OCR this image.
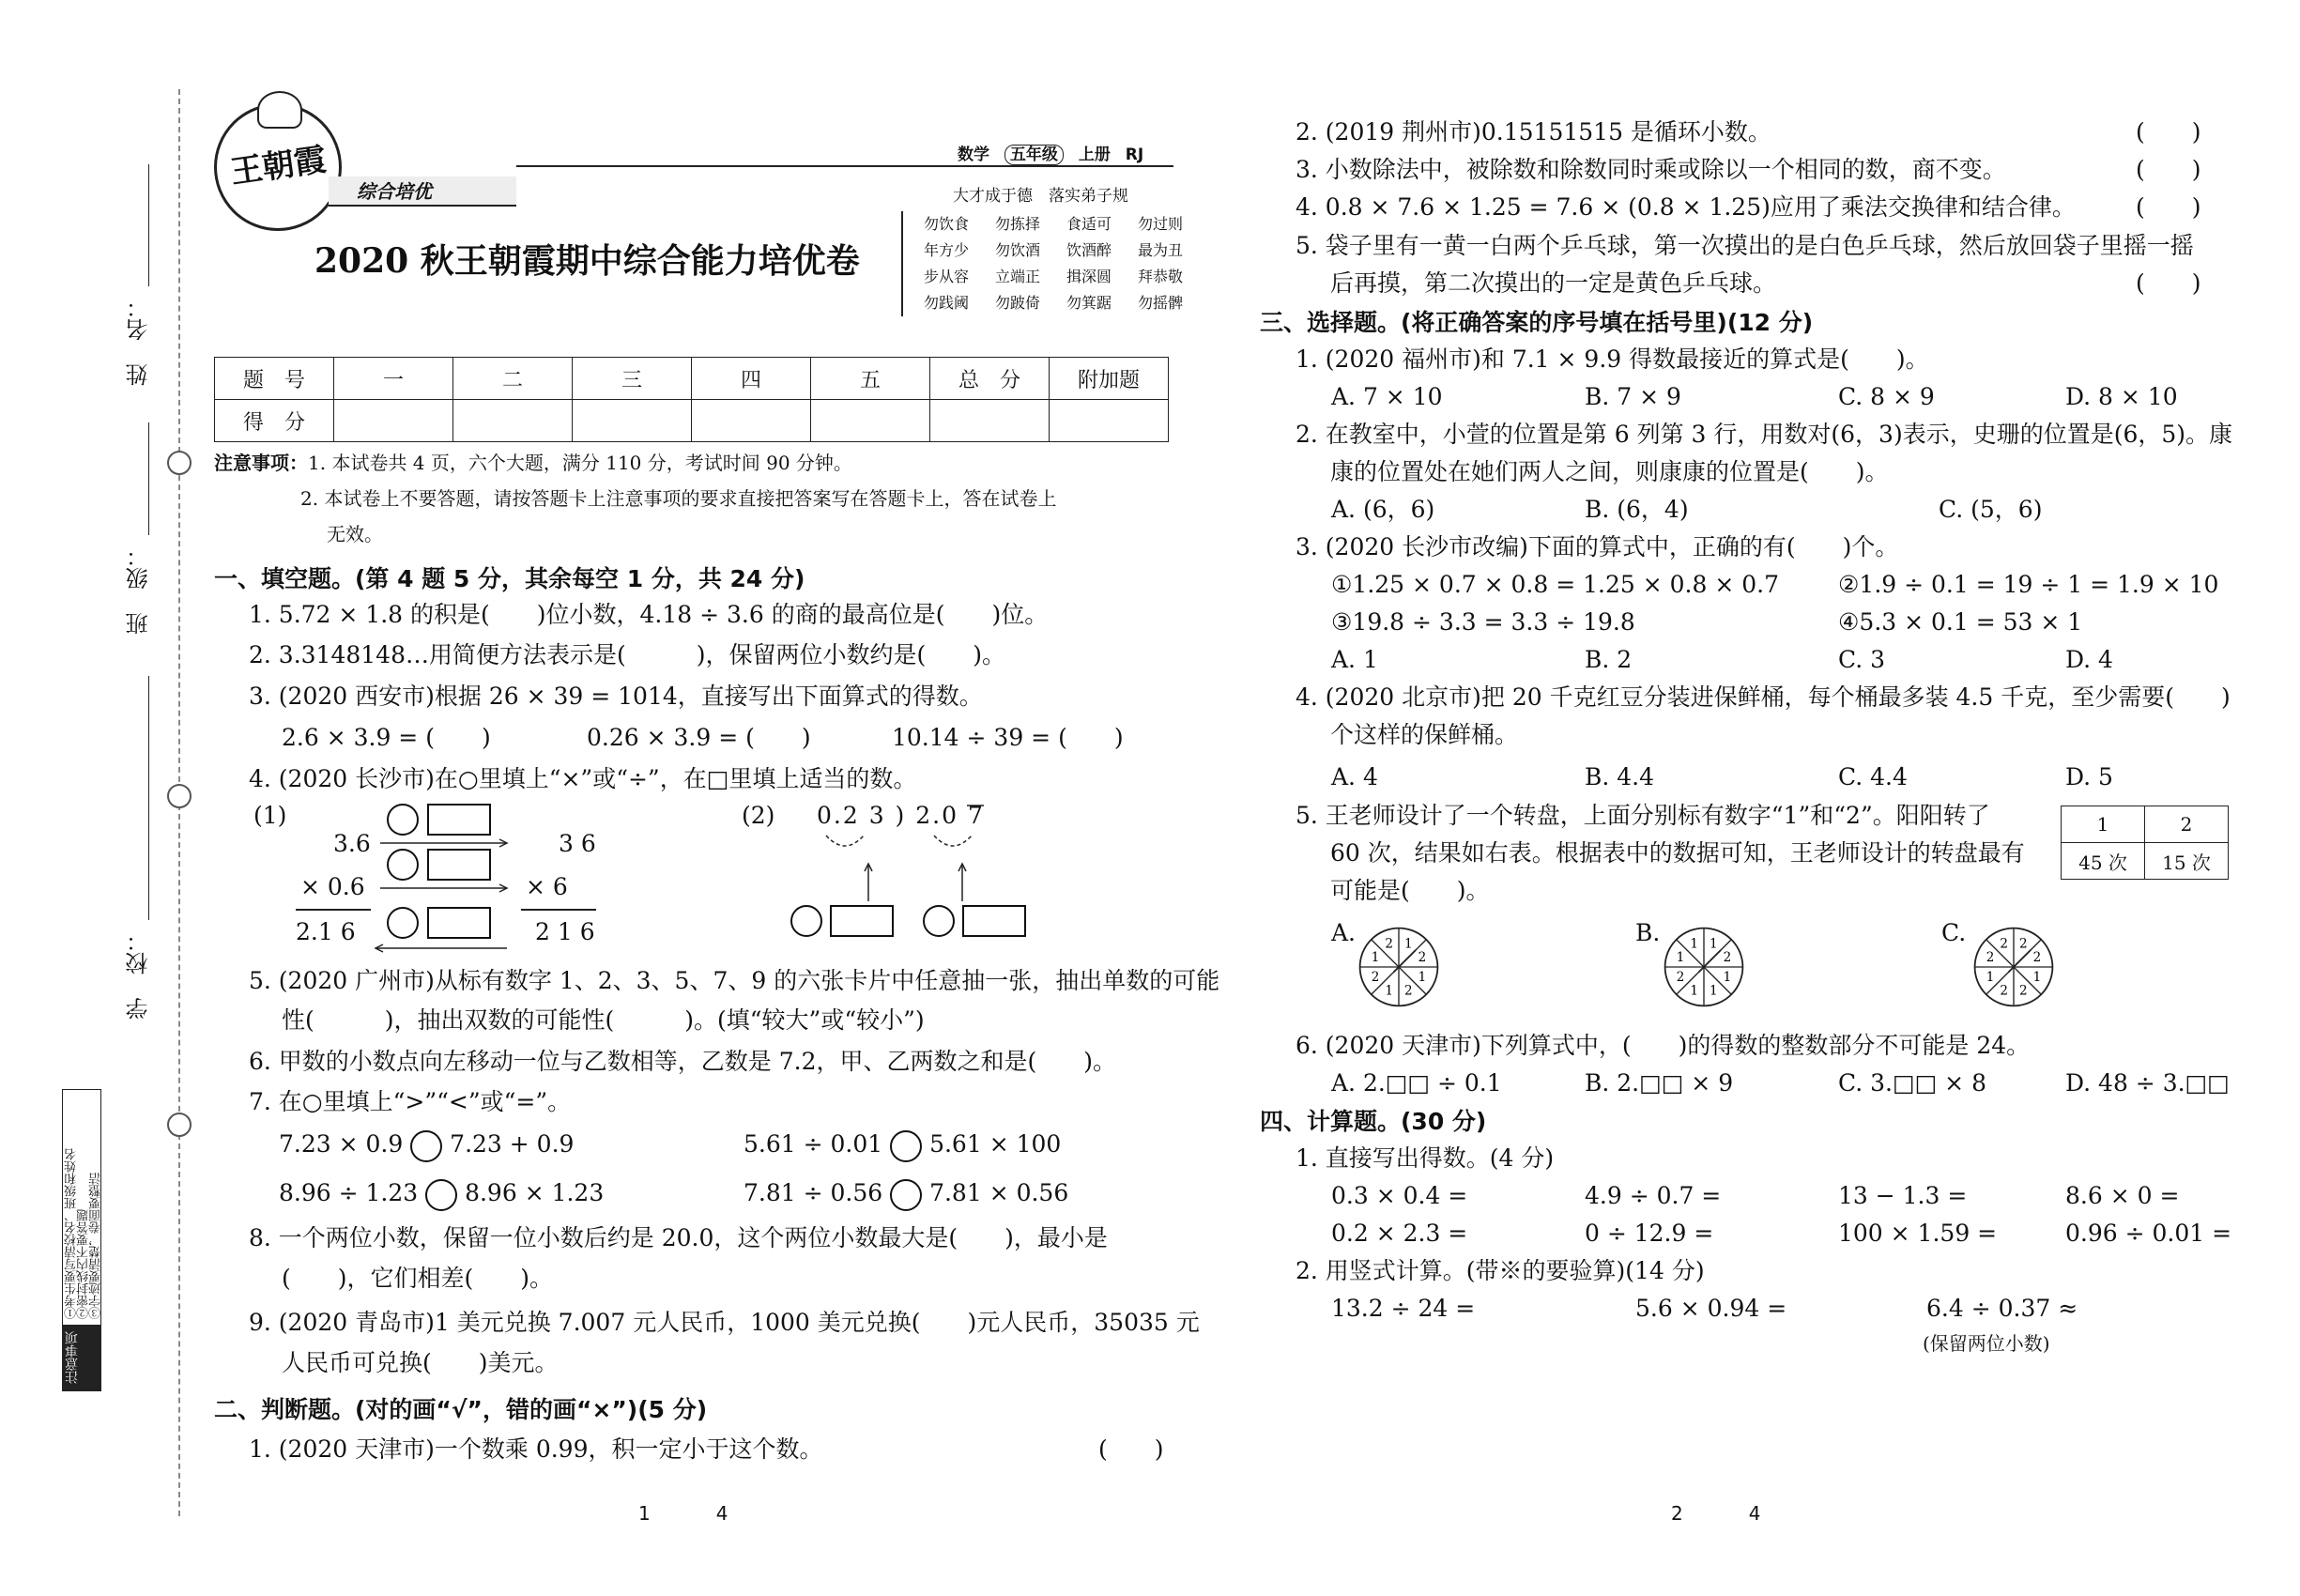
姓　名：
班　级：
学　校：
注意事项
①考生要写清校名、班级和姓名
②密封线内不要答题
③字迹要清楚，卷面要整洁
王朝霞
综合培优
数学 五年级 上册 RJ
大才成于德　落实弟子规
勿饮食	勿拣择	食适可	勿过则
年方少	勿饮酒	饮酒醉	最为丑
步从容	立端正	揖深圆	拜恭敬
勿践阈	勿跛倚	勿箕踞	勿摇髀
2020 秋王朝霞期中综合能力培优卷
题　号	一	二	三	四	五	总　分	附加题
得　分							
注意事项：1. 本试卷共 4 页，六个大题，满分 110 分，考试时间 90 分钟。
2. 本试卷上不要答题，请按答题卡上注意事项的要求直接把答案写在答题卡上，答在试卷上
无效。
一、填空题。(第 4 题 5 分，其余每空 1 分，共 24 分)
1. 5.72 × 1.8 的积是(　　)位小数，4.18 ÷ 3.6 的商的最高位是(　　)位。
2. 3.3148148…用简便方法表示是(　　　)，保留两位小数约是(　　)。
3. (2020 西安市)根据 26 × 39 = 1014，直接写出下面算式的得数。
2.6 × 3.9 = (　　)	0.26 × 3.9 = (　　)	10.14 ÷ 39 = (　　)
4. (2020 长沙市)在○里填上“×”或“÷”，在□里填上适当的数。
(1)
3.6
× 0.6
2.1 6
3 6
× 6
2 1 6
(2) 0.2 3 ) 2.0 7
5. (2020 广州市)从标有数字 1、2、3、5、7、9 的六张卡片中任意抽一张，抽出单数的可能
性(　　　)，抽出双数的可能性(　　　)。(填“较大”或“较小”)
6. 甲数的小数点向左移动一位与乙数相等，乙数是 7.2，甲、乙两数之和是(　　)。
7. 在○里填上“>”“<”或“=”。
7.23 × 0.9 7.23 + 0.9	5.61 ÷ 0.01 5.61 × 100
8.96 ÷ 1.23 8.96 × 1.23	7.81 ÷ 0.56 7.81 × 0.56
8. 一个两位小数，保留一位小数后约是 20.0，这个两位小数最大是(　　)，最小是
(　　)，它们相差(　　)。
9. (2020 青岛市)1 美元兑换 7.007 元人民币，1000 美元兑换(　　)元人民币，35035 元
人民币可兑换(　　)美元。
二、判断题。(对的画“√”，错的画“×”)(5 分)
1. (2020 天津市)一个数乘 0.99，积一定小于这个数。	(　　)
2. (2019 荆州市)0.15151515 是循环小数。	(　　)
3. 小数除法中，被除数和除数同时乘或除以一个相同的数，商不变。	(　　)
4. 0.8 × 7.6 × 1.25 = 7.6 × (0.8 × 1.25)应用了乘法交换律和结合律。	(　　)
5. 袋子里有一黄一白两个乒乓球，第一次摸出的是白色乒乓球，然后放回袋子里摇一摇
后再摸，第二次摸出的一定是黄色乒乓球。	(　　)
三、选择题。(将正确答案的序号填在括号里)(12 分)
1. (2020 福州市)和 7.1 × 9.9 得数最接近的算式是(　　)。
A. 7 × 10	B. 7 × 9	C. 8 × 9	D. 8 × 10
2. 在教室中，小萱的位置是第 6 列第 3 行，用数对(6，3)表示，史珊的位置是(6，5)。康
康的位置处在她们两人之间，则康康的位置是(　　)。
A. (6，6)	B. (6，4)	C. (5，6)
3. (2020 长沙市改编)下面的算式中，正确的有(　　)个。
①1.25 × 0.7 × 0.8 = 1.25 × 0.8 × 0.7	②1.9 ÷ 0.1 = 19 ÷ 1 = 1.9 × 10
③19.8 ÷ 3.3 = 3.3 ÷ 19.8	④5.3 × 0.1 = 53 × 1
A. 1	B. 2	C. 3	D. 4
4. (2020 北京市)把 20 千克红豆分装进保鲜桶，每个桶最多装 4.5 千克，至少需要(　　)
个这样的保鲜桶。
A. 4	B. 4.4	C. 4.4̇	D. 5
5. 王老师设计了一个转盘，上面分别标有数字“1”和“2”。阳阳转了
60 次，结果如右表。根据表中的数据可知，王老师设计的转盘最有
可能是(　　)。
1	2
45 次	15 次
A.	1
2
1
2
1
2
1
2	B.	1
2
1
1
1
2
1
1	C.	2
2
1
2
2
1
2
2
6. (2020 天津市)下列算式中，(　　)的得数的整数部分不可能是 24。
A. 2.□□ ÷ 0.1	B. 2.□□ × 9	C. 3.□□ × 8	D. 48 ÷ 3.□□
四、计算题。(30 分)
1. 直接写出得数。(4 分)
0.3 × 0.4 =	4.9 ÷ 0.7 =	13 − 1.3 =	8.6 × 0 =
0.2 × 2.3 =	0 ÷ 12.9 =	100 × 1.59 =	0.96 ÷ 0.01 =
2. 用竖式计算。(带※的要验算)(14 分)
13.2 ÷ 24 =	5.6 × 0.94 =	6.4 ÷ 0.37 ≈
(保留两位小数)
1	4	2	4
